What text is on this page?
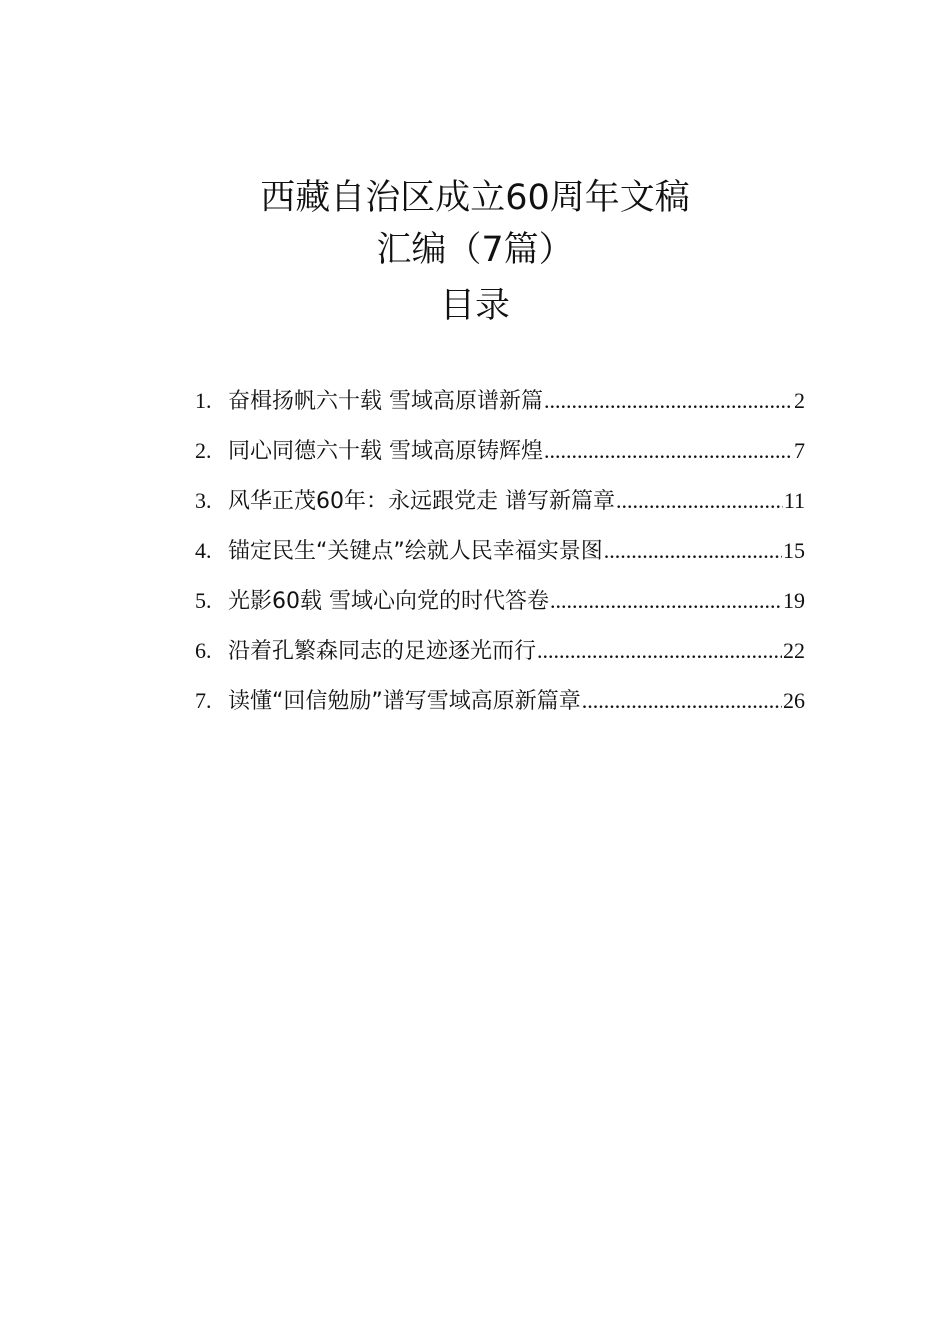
西藏自治区成立60周年文稿
汇编（7篇）
目录
1. 奋楫扬帆六十载 雪域高原谱新篇 .....	2
2. 同心同德六十载 雪域高原铸辉煌 .....	7
3. 风华正茂60年：永远跟党走 谱写新篇章 .....	11
4. 锚定民生“关键点”绘就人民幸福实景图 .....	15
5. 光影60载 雪域心向党的时代答卷 .....	19
6. 沿着孔繁森同志的足迹逐光而行 .....	22
7. 读懂“回信勉励”谱写雪域高原新篇章 .....	26
